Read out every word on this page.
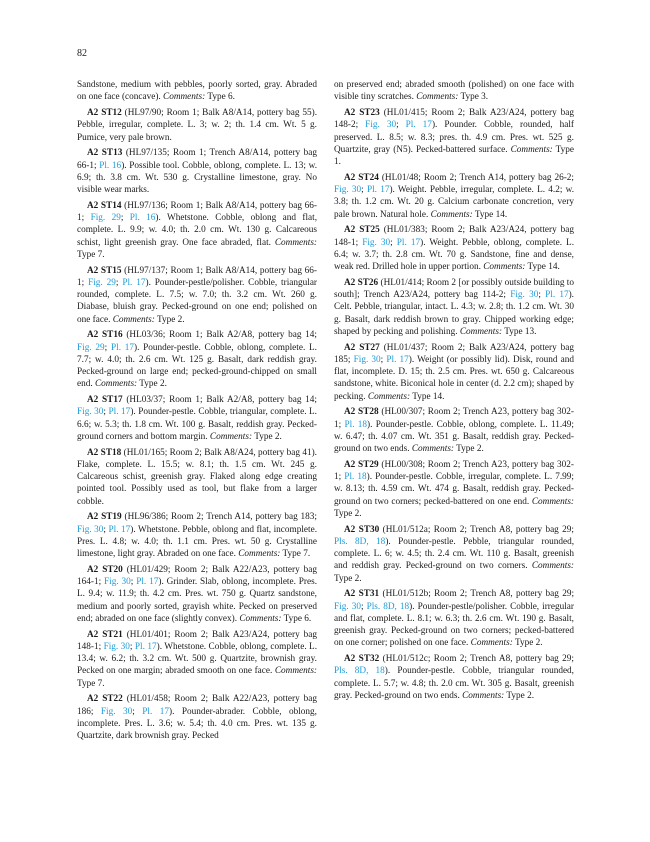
82

Sandstone, medium with pebbles, poorly sorted, gray. Abraded on one face (concave). Comments: Type 6.

A2 ST12 (HL97/90; Room 1; Balk A8/A14, pottery bag 55). Pebble, irregular, complete. L. 3; w. 2; th. 1.4 cm. Wt. 5 g. Pumice, very pale brown.

A2 ST13 (HL97/135; Room 1; Trench A8/A14, pottery bag 66-1; Pl. 16). Possible tool. Cobble, oblong, complete. L. 13; w. 6.9; th. 3.8 cm. Wt. 530 g. Crystalline limestone, gray. No visible wear marks.

A2 ST14 (HL97/136; Room 1; Balk A8/A14, pottery bag 66-1; Fig. 29; Pl. 16). Whetstone. Cobble, oblong and flat, complete. L. 9.9; w. 4.0; th. 2.0 cm. Wt. 130 g. Calcareous schist, light greenish gray. One face abraded, flat. Comments: Type 7.

A2 ST15 (HL97/137; Room 1; Balk A8/A14, pottery bag 66-1; Fig. 29; Pl. 17). Pounder-pestle/polisher. Cobble, triangular rounded, complete. L. 7.5; w. 7.0; th. 3.2 cm. Wt. 260 g. Diabase, bluish gray. Pecked-ground on one end; polished on one face. Comments: Type 2.

A2 ST16 (HL03/36; Room 1; Balk A2/A8, pottery bag 14; Fig. 29; Pl. 17). Pounder-pestle. Cobble, oblong, complete. L. 7.7; w. 4.0; th. 2.6 cm. Wt. 125 g. Basalt, dark reddish gray. Pecked-ground on large end; pecked-ground-chipped on small end. Comments: Type 2.

A2 ST17 (HL03/37; Room 1; Balk A2/A8, pottery bag 14; Fig. 30; Pl. 17). Pounder-pestle. Cobble, triangular, complete. L. 6.6; w. 5.3; th. 1.8 cm. Wt. 100 g. Basalt, reddish gray. Pecked-ground corners and bottom margin. Comments: Type 2.

A2 ST18 (HL01/165; Room 2; Balk A8/A24, pottery bag 41). Flake, complete. L. 15.5; w. 8.1; th. 1.5 cm. Wt. 245 g. Calcareous schist, greenish gray. Flaked along edge creating pointed tool. Possibly used as tool, but flake from a larger cobble.

A2 ST19 (HL96/386; Room 2; Trench A14, pottery bag 183; Fig. 30; Pl. 17). Whetstone. Pebble, oblong and flat, incomplete. Pres. L. 4.8; w. 4.0; th. 1.1 cm. Pres. wt. 50 g. Crystalline limestone, light gray. Abraded on one face. Comments: Type 7.

A2 ST20 (HL01/429; Room 2; Balk A22/A23, pottery bag 164-1; Fig. 30; Pl. 17). Grinder. Slab, oblong, incomplete. Pres. L. 9.4; w. 11.9; th. 4.2 cm. Pres. wt. 750 g. Quartz sandstone, medium and poorly sorted, grayish white. Pecked on preserved end; abraded on one face (slightly convex). Comments: Type 6.

A2 ST21 (HL01/401; Room 2; Balk A23/A24, pottery bag 148-1; Fig. 30; Pl. 17). Whetstone. Cobble, oblong, complete. L. 13.4; w. 6.2; th. 3.2 cm. Wt. 500 g. Quartzite, brownish gray. Pecked on one margin; abraded smooth on one face. Comments: Type 7.

A2 ST22 (HL01/458; Room 2; Balk A22/A23, pottery bag 186; Fig. 30; Pl. 17). Pounder-abrader. Cobble, oblong, incomplete. Pres. L. 3.6; w. 5.4; th. 4.0 cm. Pres. wt. 135 g. Quartzite, dark brownish gray. Pecked

on preserved end; abraded smooth (polished) on one face with visible tiny scratches. Comments: Type 3.

A2 ST23 (HL01/415; Room 2; Balk A23/A24, pottery bag 148-2; Fig. 30; Pl. 17). Pounder. Cobble, rounded, half preserved. L. 8.5; w. 8.3; pres. th. 4.9 cm. Pres. wt. 525 g. Quartzite, gray (N5). Pecked-battered surface. Comments: Type 1.

A2 ST24 (HL01/48; Room 2; Trench A14, pottery bag 26-2; Fig. 30; Pl. 17). Weight. Pebble, irregular, complete. L. 4.2; w. 3.8; th. 1.2 cm. Wt. 20 g. Calcium carbonate concretion, very pale brown. Natural hole. Comments: Type 14.

A2 ST25 (HL01/383; Room 2; Balk A23/A24, pottery bag 148-1; Fig. 30; Pl. 17). Weight. Pebble, oblong, complete. L. 6.4; w. 3.7; th. 2.8 cm. Wt. 70 g. Sandstone, fine and dense, weak red. Drilled hole in upper portion. Comments: Type 14.

A2 ST26 (HL01/414; Room 2 [or possibly outside building to south]; Trench A23/A24, pottery bag 114-2; Fig. 30; Pl. 17). Celt. Pebble, triangular, intact. L. 4.3; w. 2.8; th. 1.2 cm. Wt. 30 g. Basalt, dark reddish brown to gray. Chipped working edge; shaped by pecking and polishing. Comments: Type 13.

A2 ST27 (HL01/437; Room 2; Balk A23/A24, pottery bag 185; Fig. 30; Pl. 17). Weight (or possibly lid). Disk, round and flat, incomplete. D. 15; th. 2.5 cm. Pres. wt. 650 g. Calcareous sandstone, white. Biconical hole in center (d. 2.2 cm); shaped by pecking. Comments: Type 14.

A2 ST28 (HL00/307; Room 2; Trench A23, pottery bag 302-1; Pl. 18). Pounder-pestle. Cobble, oblong, complete. L. 11.49; w. 6.47; th. 4.07 cm. Wt. 351 g. Basalt, reddish gray. Pecked-ground on two ends. Comments: Type 2.

A2 ST29 (HL00/308; Room 2; Trench A23, pottery bag 302-1; Pl. 18). Pounder-pestle. Cobble, irregular, complete. L. 7.99; w. 8.13; th. 4.59 cm. Wt. 474 g. Basalt, reddish gray. Pecked-ground on two corners; pecked-battered on one end. Comments: Type 2.

A2 ST30 (HL01/512a; Room 2; Trench A8, pottery bag 29; Pls. 8D, 18). Pounder-pestle. Pebble, triangular rounded, complete. L. 6; w. 4.5; th. 2.4 cm. Wt. 110 g. Basalt, greenish and reddish gray. Pecked-ground on two corners. Comments: Type 2.

A2 ST31 (HL01/512b; Room 2; Trench A8, pottery bag 29; Fig. 30; Pls. 8D, 18). Pounder-pestle/polisher. Cobble, irregular and flat, complete. L. 8.1; w. 6.3; th. 2.6 cm. Wt. 190 g. Basalt, greenish gray. Pecked-ground on two corners; pecked-battered on one corner; polished on one face. Comments: Type 2.

A2 ST32 (HL01/512c; Room 2; Trench A8, pottery bag 29; Pls. 8D, 18). Pounder-pestle. Cobble, triangular rounded, complete. L. 5.7; w. 4.8; th. 2.0 cm. Wt. 305 g. Basalt, greenish gray. Pecked-ground on two ends. Comments: Type 2.
